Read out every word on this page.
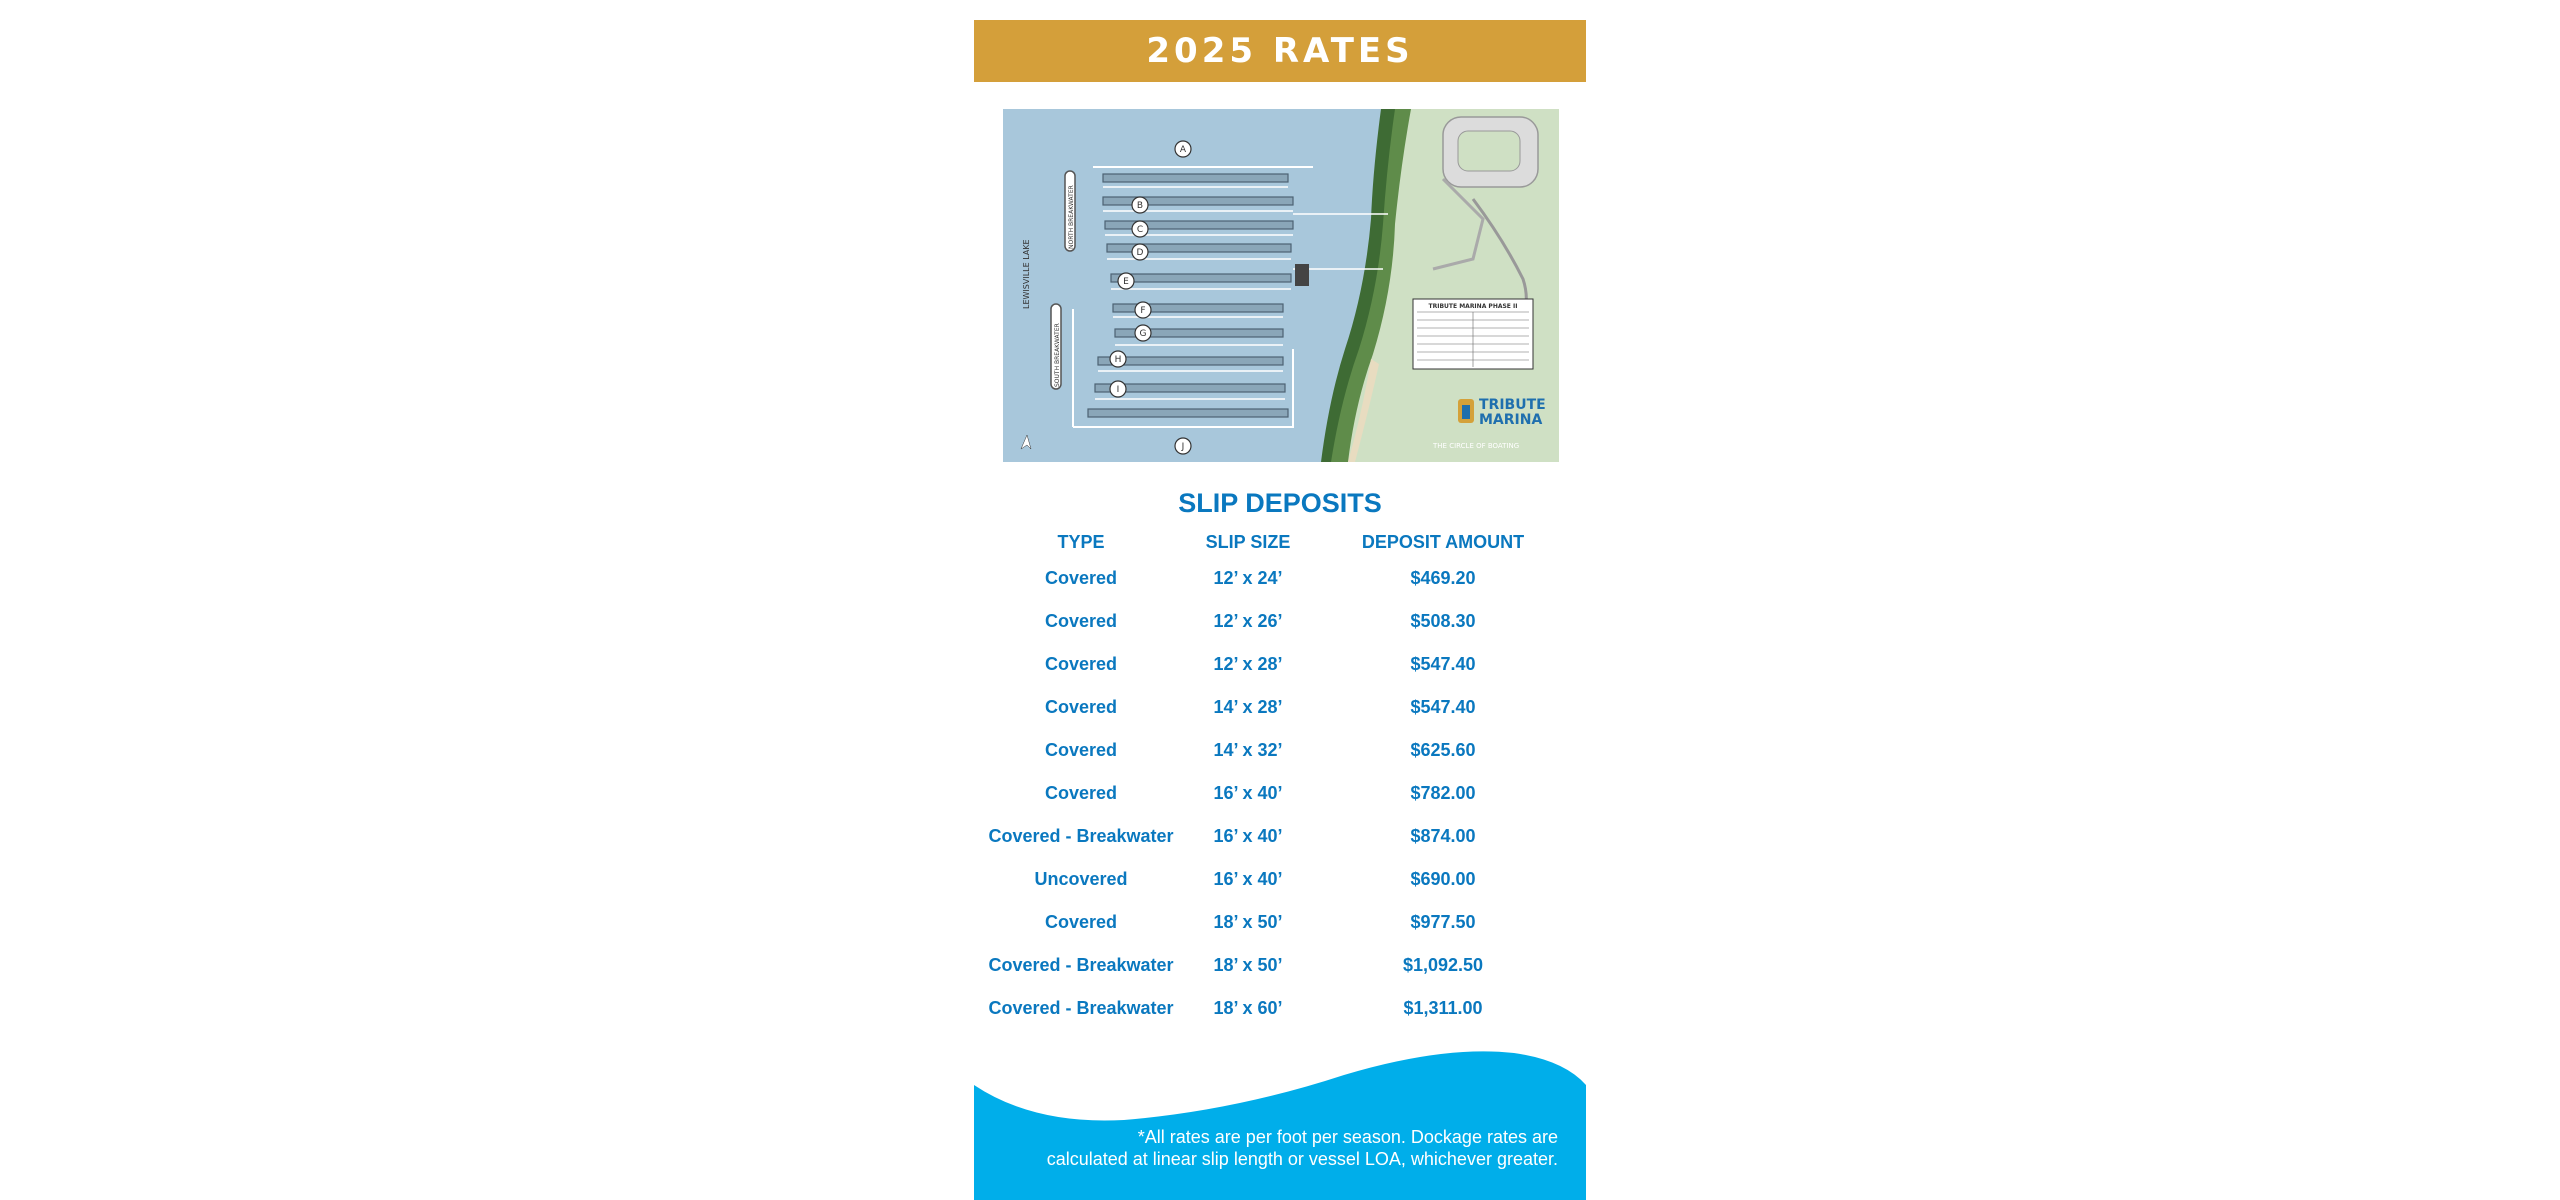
2025 RATES
A
B
C
D
E
F
G
H
I
J
LEWISVILLE LAKE
NORTH BREAKWATER
SOUTH BREAKWATER
TRIBUTE MARINA PHASE II
TRIBUTE
MARINA
THE CIRCLE OF BOATING
SLIP DEPOSITS
TYPE	SLIP SIZE	DEPOSIT AMOUNT
Covered	12’ x 24’	$469.20
Covered	12’ x 26’	$508.30
Covered	12’ x 28’	$547.40
Covered	14’ x 28’	$547.40
Covered	14’ x 32’	$625.60
Covered	16’ x 40’	$782.00
Covered - Breakwater	16’ x 40’	$874.00
Uncovered	16’ x 40’	$690.00
Covered	18’ x 50’	$977.50
Covered - Breakwater	18’ x 50’	$1,092.50
Covered - Breakwater	18’ x 60’	$1,311.00
*All rates are per foot per season. Dockage rates are
calculated at linear slip length or vessel LOA, whichever greater.
